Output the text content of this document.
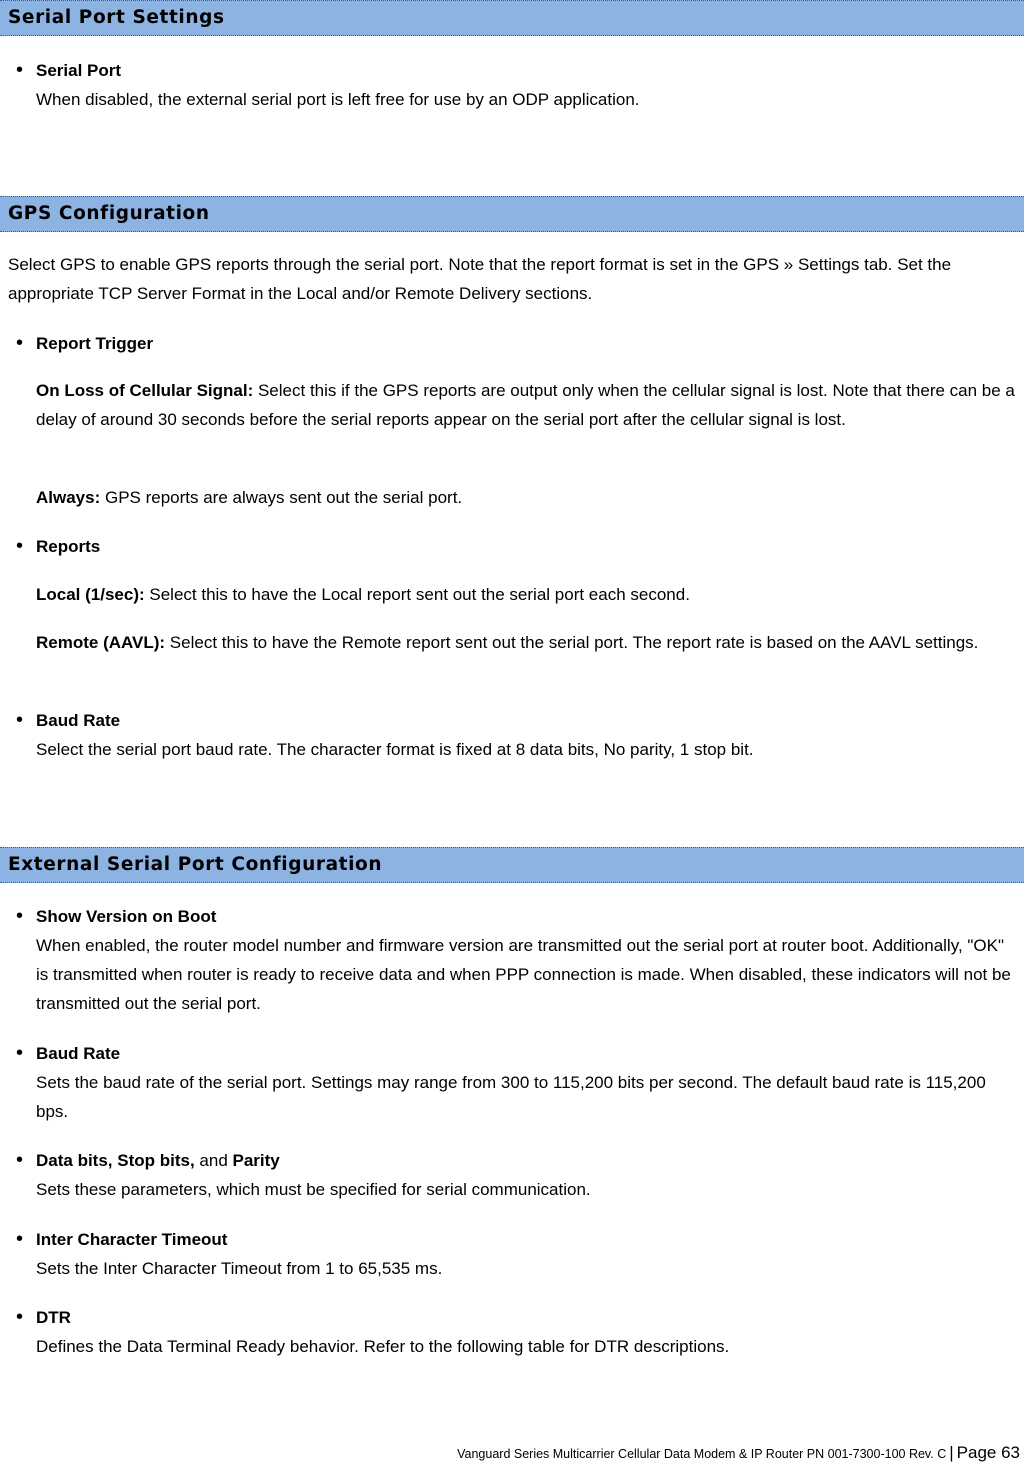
Serial Port Settings
• Serial Port
When disabled, the external serial port is left free for use by an ODP application.
GPS Configuration
Select GPS to enable GPS reports through the serial port. Note that the report format is set in the GPS » Settings tab. Set the appropriate TCP Server Format in the Local and/or Remote Delivery sections.
• Report Trigger
On Loss of Cellular Signal: Select this if the GPS reports are output only when the cellular signal is lost. Note that there can be a delay of around 30 seconds before the serial reports appear on the serial port after the cellular signal is lost.
Always: GPS reports are always sent out the serial port.
• Reports
Local (1/sec): Select this to have the Local report sent out the serial port each second.
Remote (AAVL): Select this to have the Remote report sent out the serial port. The report rate is based on the AAVL settings.
• Baud Rate
Select the serial port baud rate. The character format is fixed at 8 data bits, No parity, 1 stop bit.
External Serial Port Configuration
• Show Version on Boot
When enabled, the router model number and firmware version are transmitted out the serial port at router boot. Additionally, "OK" is transmitted when router is ready to receive data and when PPP connection is made. When disabled, these indicators will not be transmitted out the serial port.
• Baud Rate
Sets the baud rate of the serial port. Settings may range from 300 to 115,200 bits per second. The default baud rate is 115,200 bps.
• Data bits, Stop bits, and Parity
Sets these parameters, which must be specified for serial communication.
• Inter Character Timeout
Sets the Inter Character Timeout from 1 to 65,535 ms.
• DTR
Defines the Data Terminal Ready behavior. Refer to the following table for DTR descriptions.
Vanguard Series Multicarrier Cellular Data Modem & IP Router PN 001-7300-100 Rev. C | Page 63
